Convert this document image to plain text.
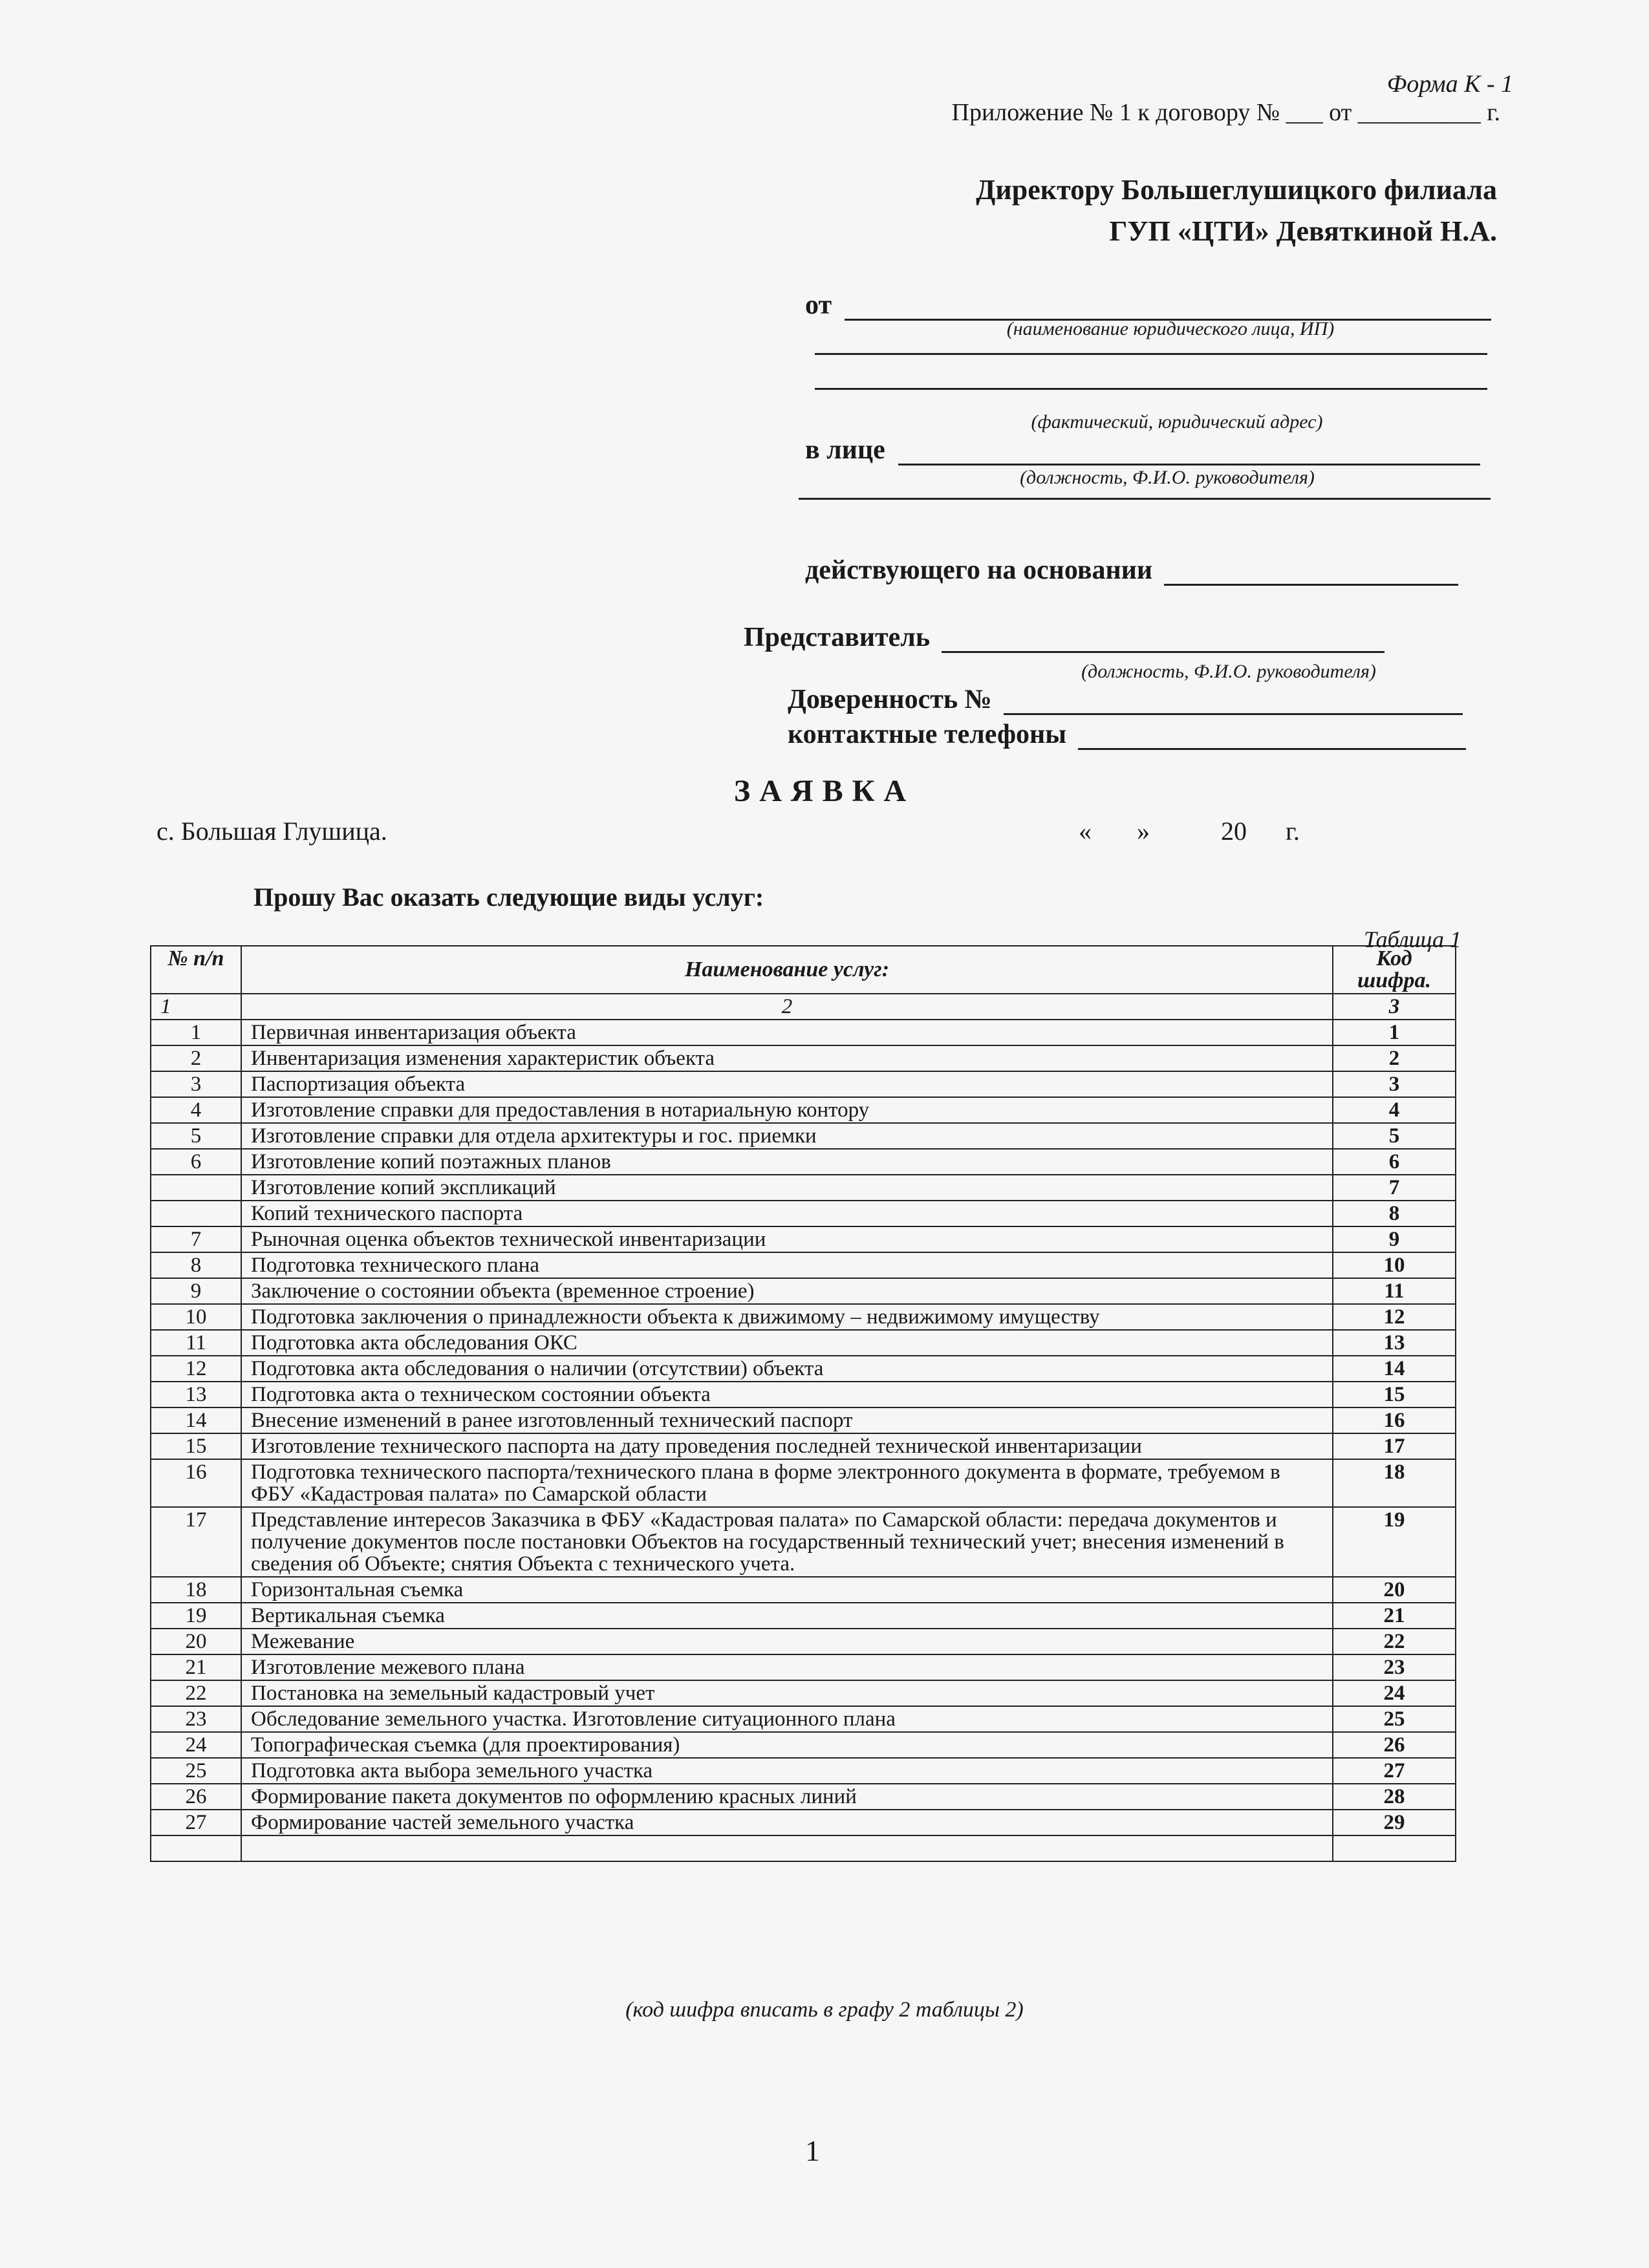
Форма К - 1
Приложение № 1 к договору № ___ от __________ г.
Директору Большеглушицкого филиала
ГУП «ЦТИ» Девяткиной Н.А.
от
(наименование юридического лица, ИП)
(фактический, юридический адрес)
в лице
(должность, Ф.И.О. руководителя)
действующего на основании
Представитель
(должность, Ф.И.О. руководителя)
Доверенность №
контактные телефоны
ЗАЯВКА
с. Большая Глушица.	«       »           20      г.
Прошу Вас оказать следующие виды услуг:
Таблица 1
№ п/п	Наименование услуг:	Код шифра.
1	2	3
1	Первичная инвентаризация объекта	1
2	Инвентаризация изменения характеристик объекта	2
3	Паспортизация объекта	3
4	Изготовление справки для предоставления в нотариальную контору	4
5	Изготовление справки для отдела архитектуры и гос. приемки	5
6	Изготовление копий поэтажных планов	6
	Изготовление копий экспликаций	7
	Копий технического паспорта	8
7	Рыночная оценка объектов технической инвентаризации	9
8	Подготовка технического плана	10
9	Заключение о состоянии объекта (временное строение)	11
10	Подготовка заключения о принадлежности объекта к движимому – недвижимому имуществу	12
11	Подготовка акта обследования ОКС	13
12	Подготовка акта обследования о наличии (отсутствии) объекта	14
13	Подготовка акта о техническом состоянии объекта	15
14	Внесение изменений в ранее изготовленный технический паспорт	16
15	Изготовление технического паспорта на дату проведения последней технической инвентаризации	17
16	Подготовка технического паспорта/технического плана в форме электронного документа в формате, требуемом в ФБУ «Кадастровая палата» по Самарской области	18
17	Представление интересов Заказчика в ФБУ «Кадастровая палата» по Самарской области: передача документов и получение документов после постановки Объектов на государственный технический учет; внесения изменений в сведения об Объекте; снятия Объекта с технического учета.	19
18	Горизонтальная съемка	20
19	Вертикальная съемка	21
20	Межевание	22
21	Изготовление межевого плана	23
22	Постановка на земельный кадастровый учет	24
23	Обследование земельного участка. Изготовление ситуационного плана	25
24	Топографическая съемка (для проектирования)	26
25	Подготовка акта выбора земельного участка	27
26	Формирование пакета документов по оформлению красных линий	28
27	Формирование частей земельного участка	29

(код шифра вписать в графу 2 таблицы 2)
1
